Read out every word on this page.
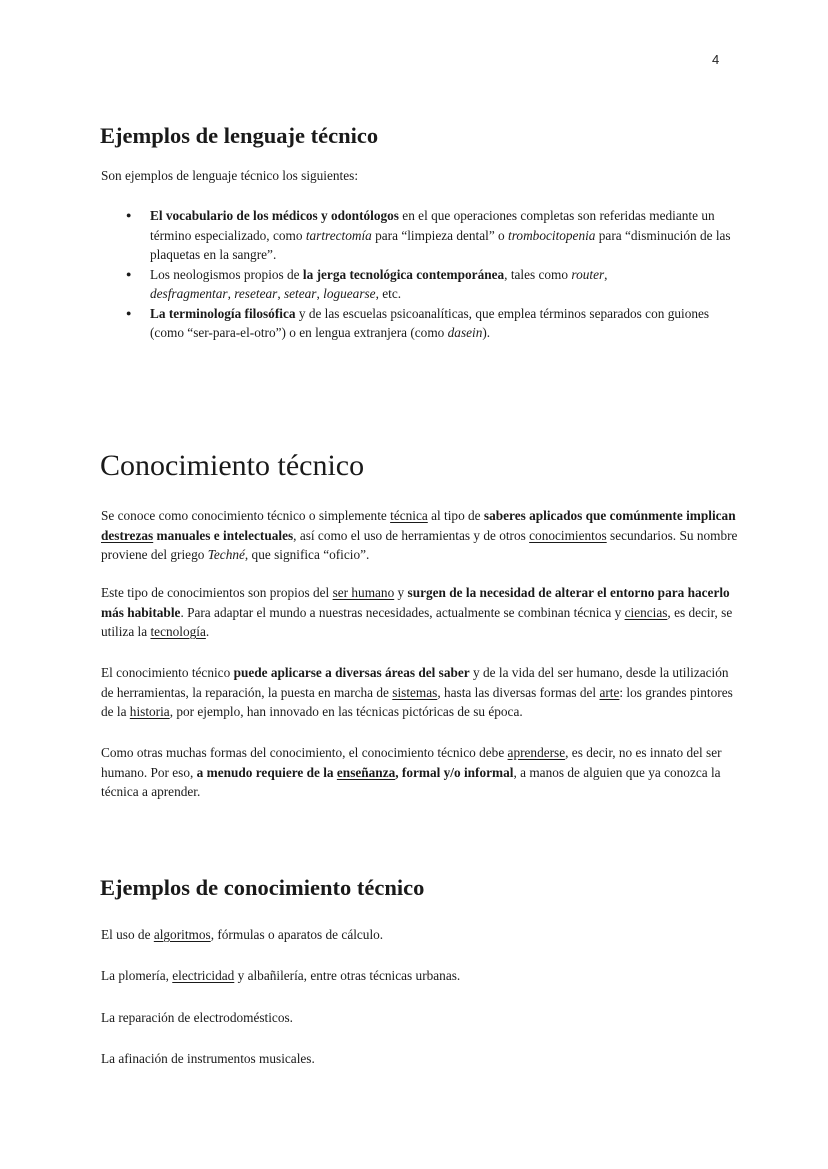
4
Ejemplos de lenguaje técnico

Son ejemplos de lenguaje técnico los siguientes:

● El vocabulario de los médicos y odontólogos en el que operaciones completas son referidas mediante un término especializado, como tartrectomía para “limpieza dental” o trombocitopenia para “disminución de las plaquetas en la sangre”.
● Los neologismos propios de la jerga tecnológica contemporánea, tales como router,
desfragmentar, resetear, setear, loguearse, etc.
● La terminología filosófica y de las escuelas psicoanalíticas, que emplea términos separados con guiones (como “ser-para-el-otro”) o en lengua extranjera (como dasein).
Conocimiento técnico

Se conoce como conocimiento técnico o simplemente técnica al tipo de saberes aplicados que comúnmente implican destrezas manuales e intelectuales, así como el uso de herramientas y de otros conocimientos secundarios. Su nombre proviene del griego Techné, que significa “oficio”.

Este tipo de conocimientos son propios del ser humano y surgen de la necesidad de alterar el entorno para hacerlo más habitable. Para adaptar el mundo a nuestras necesidades, actualmente se combinan técnica y ciencias, es decir, se utiliza la tecnología.

El conocimiento técnico puede aplicarse a diversas áreas del saber y de la vida del ser humano, desde la utilización de herramientas, la reparación, la puesta en marcha de sistemas, hasta las diversas formas del arte: los grandes pintores de la historia, por ejemplo, han innovado en las técnicas pictóricas de su época.

Como otras muchas formas del conocimiento, el conocimiento técnico debe aprenderse, es decir, no es innato del ser humano. Por eso, a menudo requiere de la enseñanza, formal y/o informal, a manos de alguien que ya conozca la técnica a aprender.

Ejemplos de conocimiento técnico

El uso de algoritmos, fórmulas o aparatos de cálculo.

La plomería, electricidad y albañilería, entre otras técnicas urbanas.

La reparación de electrodomésticos.

La afinación de instrumentos musicales.
